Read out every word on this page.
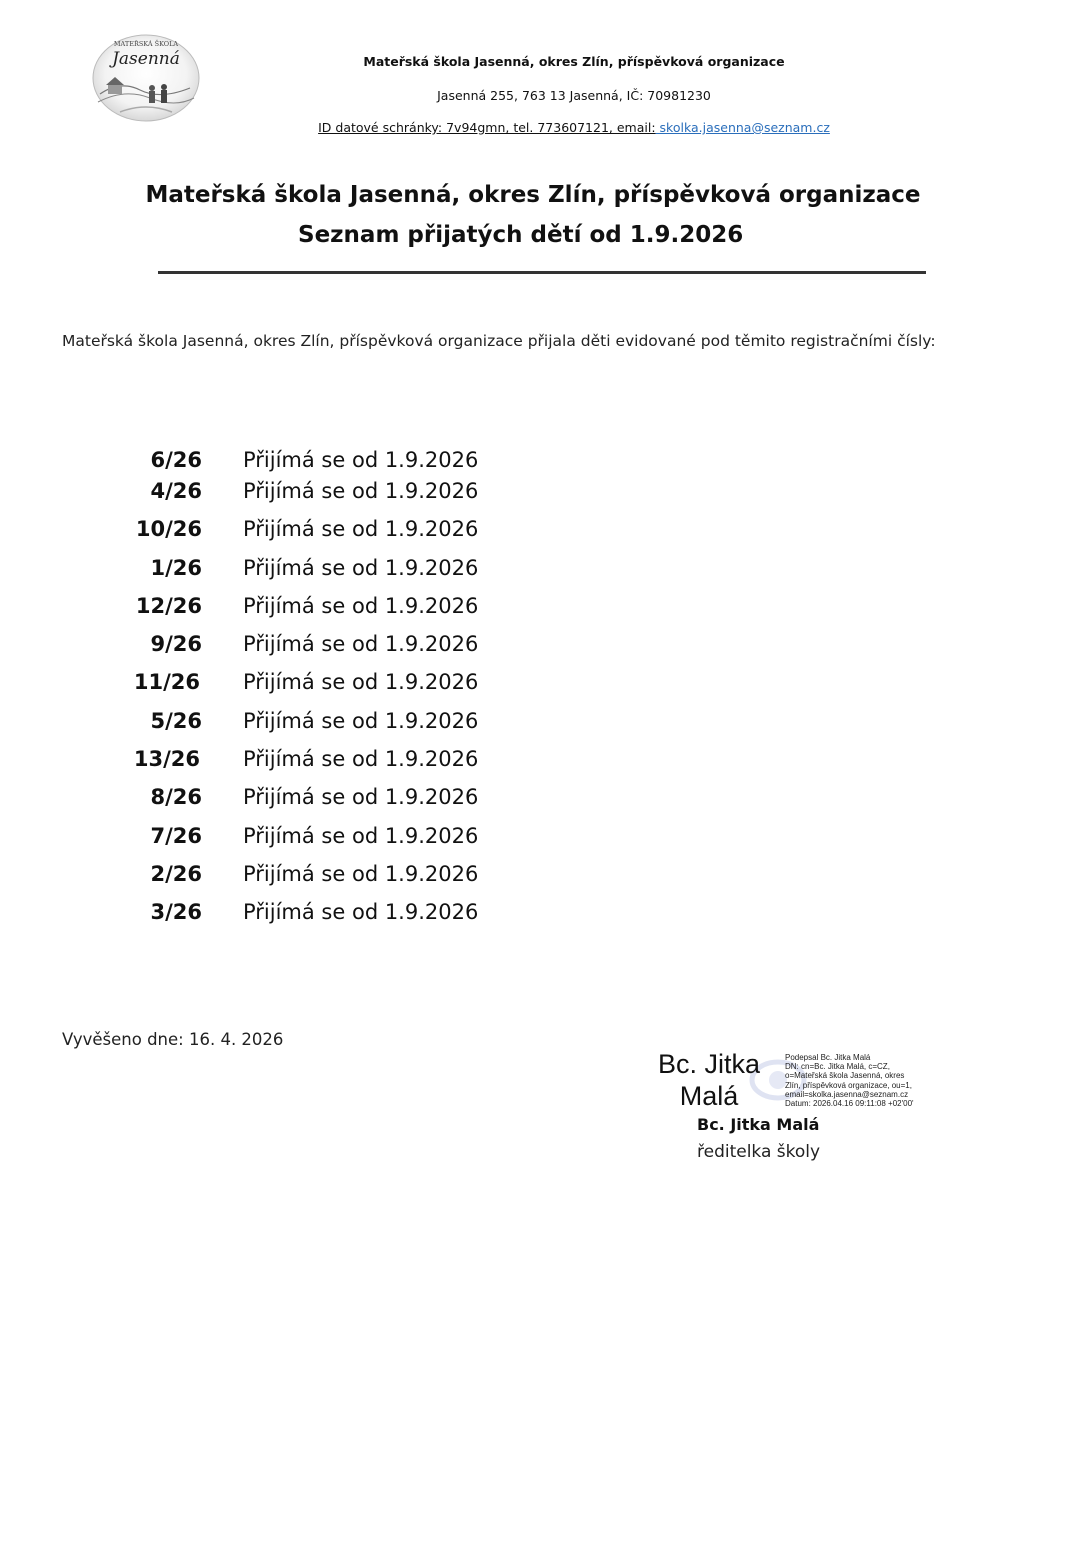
MATEŘSKÁ ŠKOLA
Jasenná	Mateřská škola Jasenná, okres Zlín, příspěvková organizace
Jasenná 255, 763 13 Jasenná, IČ: 70981230
ID datové schránky: 7v94gmn, tel. 773607121, email: skolka.jasenna@seznam.cz
Mateřská škola Jasenná, okres Zlín, příspěvková organizace
Seznam přijatých dětí od 1.9.2026
Mateřská škola Jasenná, okres Zlín, příspěvková organizace přijala děti evidované pod těmito registračními čísly:
6/26 Přijímá se od 1.9.2026
4/26 Přijímá se od 1.9.2026
10/26 Přijímá se od 1.9.2026
1/26 Přijímá se od 1.9.2026
12/26 Přijímá se od 1.9.2026
9/26 Přijímá se od 1.9.2026
11/26 Přijímá se od 1.9.2026
5/26 Přijímá se od 1.9.2026
13/26 Přijímá se od 1.9.2026
8/26 Přijímá se od 1.9.2026
7/26 Přijímá se od 1.9.2026
2/26 Přijímá se od 1.9.2026
3/26 Přijímá se od 1.9.2026
Vyvěšeno dne: 16. 4. 2026
Bc. Jitka
Malá
Podepsal Bc. Jitka Malá
DN: cn=Bc. Jitka Malá, c=CZ,
o=Mateřská škola Jasenná, okres
Zlín, příspěvková organizace, ou=1,
email=skolka.jasenna@seznam.cz
Datum: 2026.04.16 09:11:08 +02'00'
Bc. Jitka Malá
ředitelka školy
